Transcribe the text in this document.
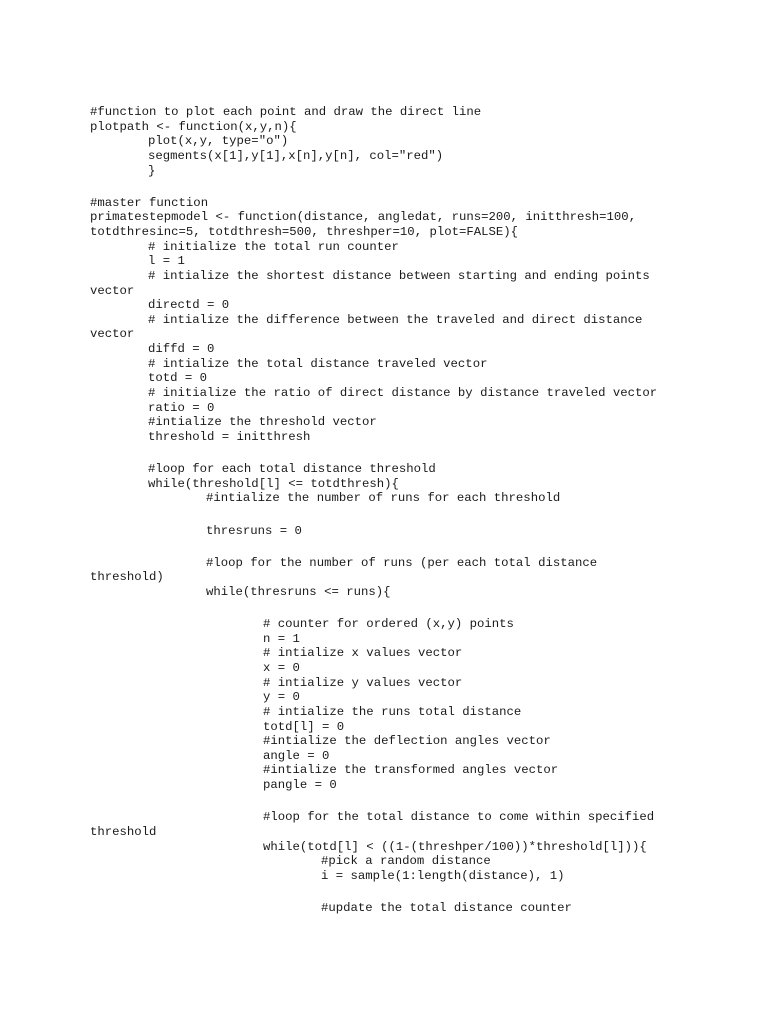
#function to plot each point and draw the direct line
plotpath <- function(x,y,n){
plot(x,y, type="o")
segments(x[1],y[1],x[n],y[n], col="red")
}
#master function
primatestepmodel <- function(distance, angledat, runs=200, initthresh=100,
totdthresinc=5, totdthresh=500, threshper=10, plot=FALSE){
# initialize the total run counter
l = 1
# intialize the shortest distance between starting and ending points
vector
directd = 0
# intialize the difference between the traveled and direct distance
vector
diffd = 0
# intialize the total distance traveled vector
totd = 0
# initialize the ratio of direct distance by distance traveled vector
ratio = 0
#intialize the threshold vector
threshold = initthresh
#loop for each total distance threshold
while(threshold[l] <= totdthresh){
#intialize the number of runs for each threshold
thresruns = 0
#loop for the number of runs (per each total distance
threshold)
while(thresruns <= runs){
# counter for ordered (x,y) points
n = 1
# intialize x values vector
x = 0
# intialize y values vector
y = 0
# intialize the runs total distance
totd[l] = 0
#intialize the deflection angles vector
angle = 0
#intialize the transformed angles vector
pangle = 0
#loop for the total distance to come within specified
threshold
while(totd[l] < ((1-(threshper/100))*threshold[l])){
#pick a random distance
i = sample(1:length(distance), 1)
#update the total distance counter
